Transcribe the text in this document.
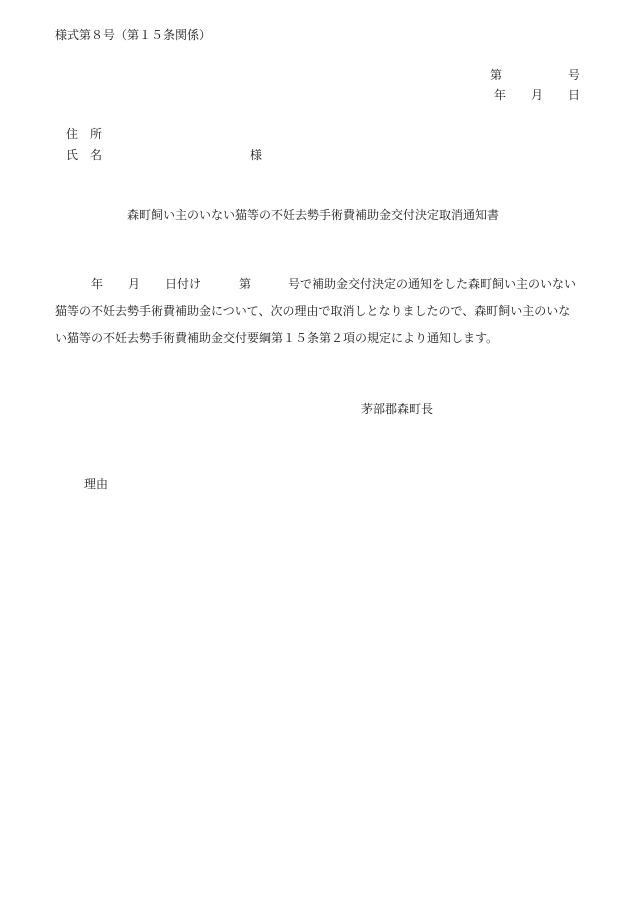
様式第８号（第１５条関係）
第	号
年 月 日
住所
氏名	様
森町飼い主のいない猫等の不妊去勢手術費補助金交付決定取消通知書
年 月 日付け	第	号で補助金交付決定の通知をした森町飼い主のいない
猫等の不妊去勢手術費補助金について、次の理由で取消しとなりましたので、森町飼い主のいな
い猫等の不妊去勢手術費補助金交付要綱第１５条第２項の規定により通知します。
茅部郡森町長
理由
